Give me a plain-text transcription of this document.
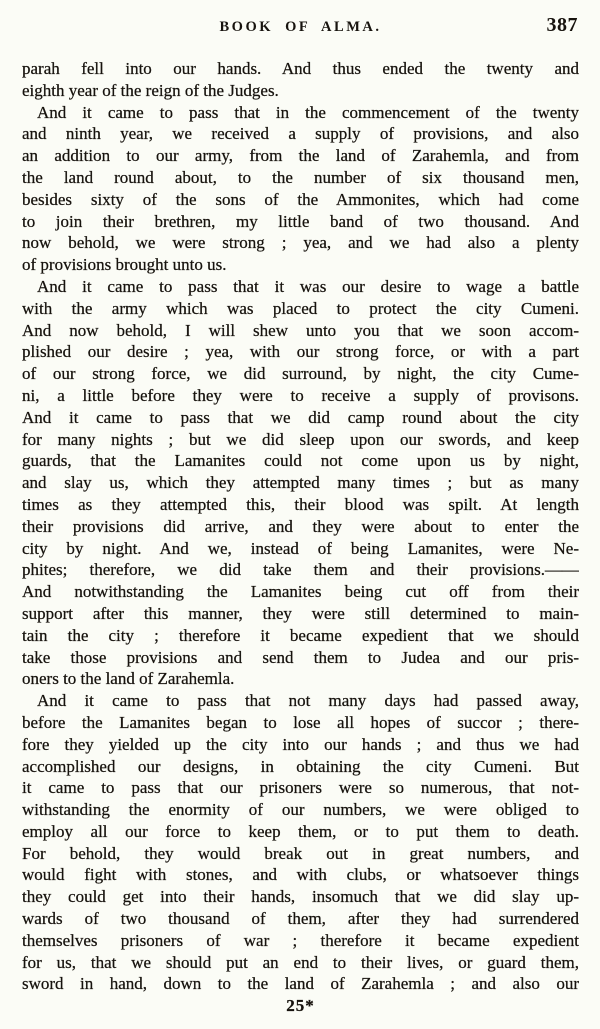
BOOK OF ALMA.	387
parah fell into our hands. And thus ended the twenty and
eighth year of the reign of the Judges.
And it came to pass that in the commencement of the twenty
and ninth year, we received a supply of provisions, and also
an addition to our army, from the land of Zarahemla, and from
the land round about, to the number of six thousand men,
besides sixty of the sons of the Ammonites, which had come
to join their brethren, my little band of two thousand. And
now behold, we were strong ; yea, and we had also a plenty
of provisions brought unto us.
And it came to pass that it was our desire to wage a battle
with the army which was placed to protect the city Cumeni.
And now behold, I will shew unto you that we soon accom-
plished our desire ; yea, with our strong force, or with a part
of our strong force, we did surround, by night, the city Cume-
ni, a little before they were to receive a supply of provisons.
And it came to pass that we did camp round about the city
for many nights ; but we did sleep upon our swords, and keep
guards, that the Lamanites could not come upon us by night,
and slay us, which they attempted many times ; but as many
times as they attempted this, their blood was spilt. At length
their provisions did arrive, and they were about to enter the
city by night. And we, instead of being Lamanites, were Ne-
phites; therefore, we did take them and their provisions.——
And notwithstanding the Lamanites being cut off from their
support after this manner, they were still determined to main-
tain the city ; therefore it became expedient that we should
take those provisions and send them to Judea and our pris-
oners to the land of Zarahemla.
And it came to pass that not many days had passed away,
before the Lamanites began to lose all hopes of succor ; there-
fore they yielded up the city into our hands ; and thus we had
accomplished our designs, in obtaining the city Cumeni. But
it came to pass that our prisoners were so numerous, that not-
withstanding the enormity of our numbers, we were obliged to
employ all our force to keep them, or to put them to death.
For behold, they would break out in great numbers, and
would fight with stones, and with clubs, or whatsoever things
they could get into their hands, insomuch that we did slay up-
wards of two thousand of them, after they had surrendered
themselves prisoners of war ; therefore it became expedient
for us, that we should put an end to their lives, or guard them,
sword in hand, down to the land of Zarahemla ; and also our
25*
